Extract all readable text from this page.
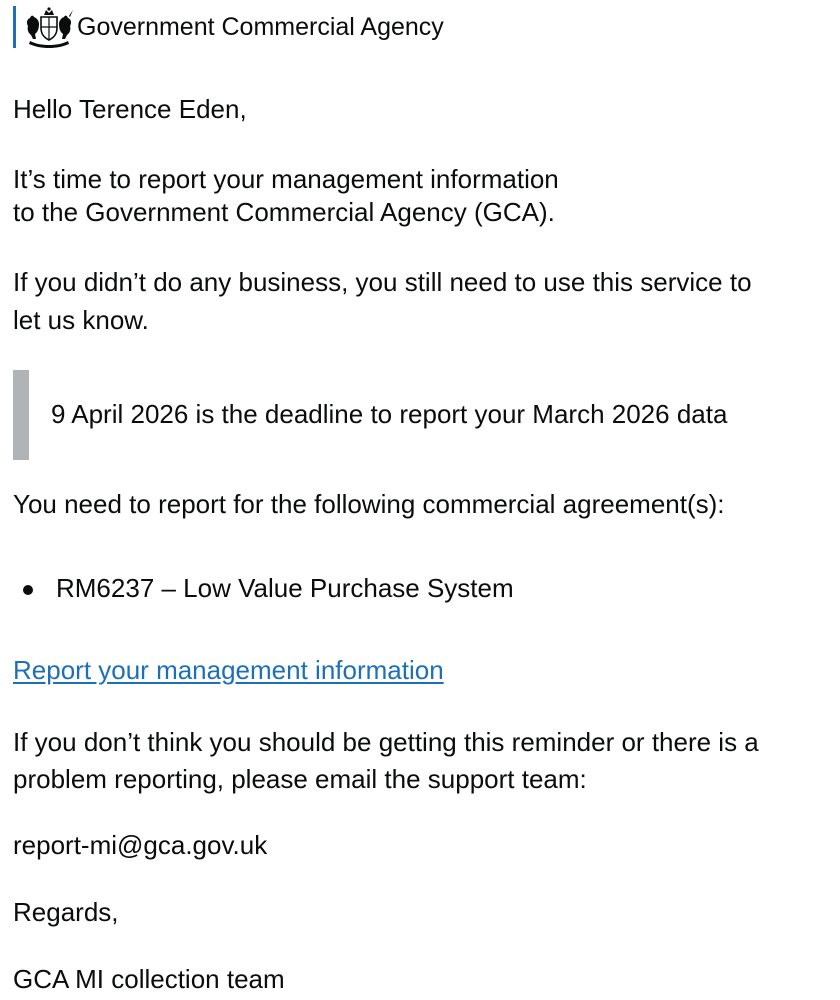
Government Commercial Agency

Hello Terence Eden,

It’s time to report your management information
to the Government Commercial Agency (GCA).
If you didn’t do any business, you still need to use this service to
let us know.
9 April 2026 is the deadline to report your March 2026 data

You need to report for the following commercial agreement(s):

RM6237 – Low Value Purchase System
Report your management information
If you don’t think you should be getting this reminder or there is a
problem reporting, please email the support team:

report-mi@gca.gov.uk

Regards,

GCA MI collection team
